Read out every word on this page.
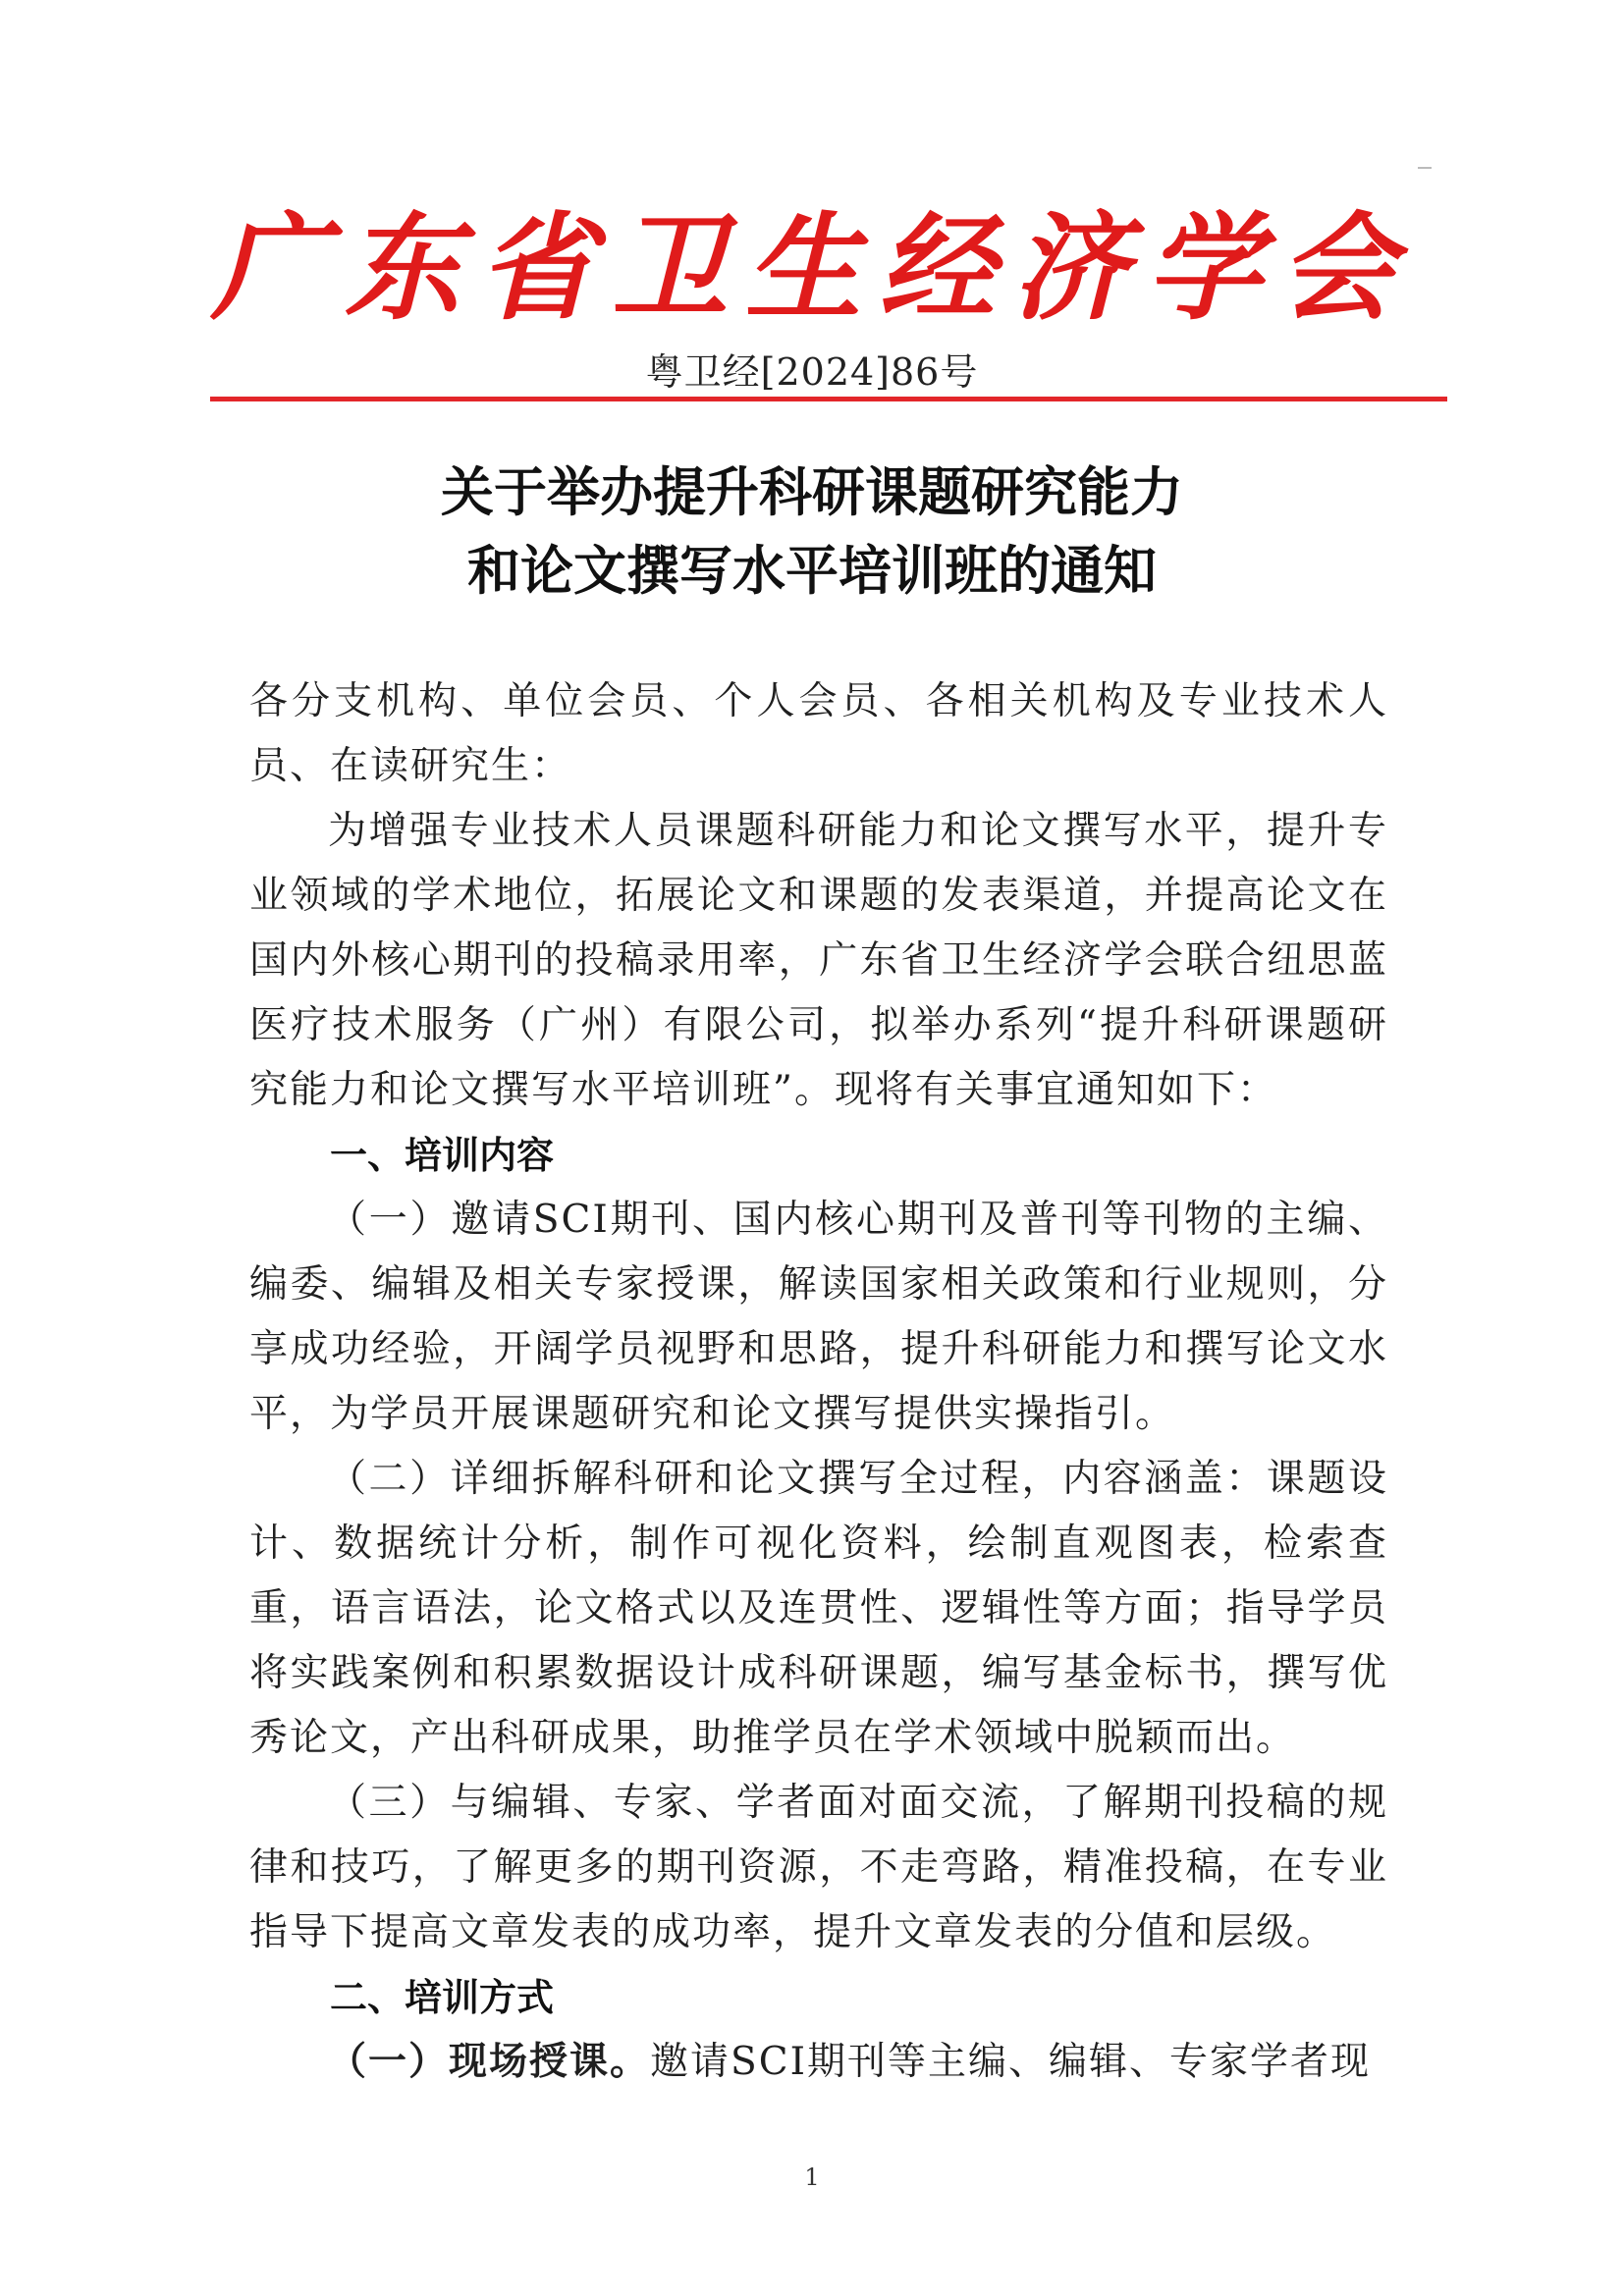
广东省卫生经济学会
粤卫经[2024]86号
关于举办提升科研课题研究能力
和论文撰写水平培训班的通知

各分支机构、单位会员、个人会员、各相关机构及专业技术人员、在读研究生：

为增强专业技术人员课题科研能力和论文撰写水平，提升专业领域的学术地位，拓展论文和课题的发表渠道，并提高论文在国内外核心期刊的投稿录用率，广东省卫生经济学会联合纽思蓝医疗技术服务（广州）有限公司，拟举办系列“提升科研课题研究能力和论文撰写水平培训班”。现将有关事宜通知如下：

一、培训内容

（一）邀请SCI期刊、国内核心期刊及普刊等刊物的主编、编委、编辑及相关专家授课，解读国家相关政策和行业规则，分享成功经验，开阔学员视野和思路，提升科研能力和撰写论文水平，为学员开展课题研究和论文撰写提供实操指引。

（二）详细拆解科研和论文撰写全过程，内容涵盖：课题设计、数据统计分析，制作可视化资料，绘制直观图表，检索查重，语言语法，论文格式以及连贯性、逻辑性等方面；指导学员将实践案例和积累数据设计成科研课题，编写基金标书，撰写优秀论文，产出科研成果，助推学员在学术领域中脱颖而出。

（三）与编辑、专家、学者面对面交流，了解期刊投稿的规律和技巧，了解更多的期刊资源，不走弯路，精准投稿，在专业指导下提高文章发表的成功率，提升文章发表的分值和层级。

二、培训方式

（一）现场授课。邀请SCI期刊等主编、编辑、专家学者现

1
